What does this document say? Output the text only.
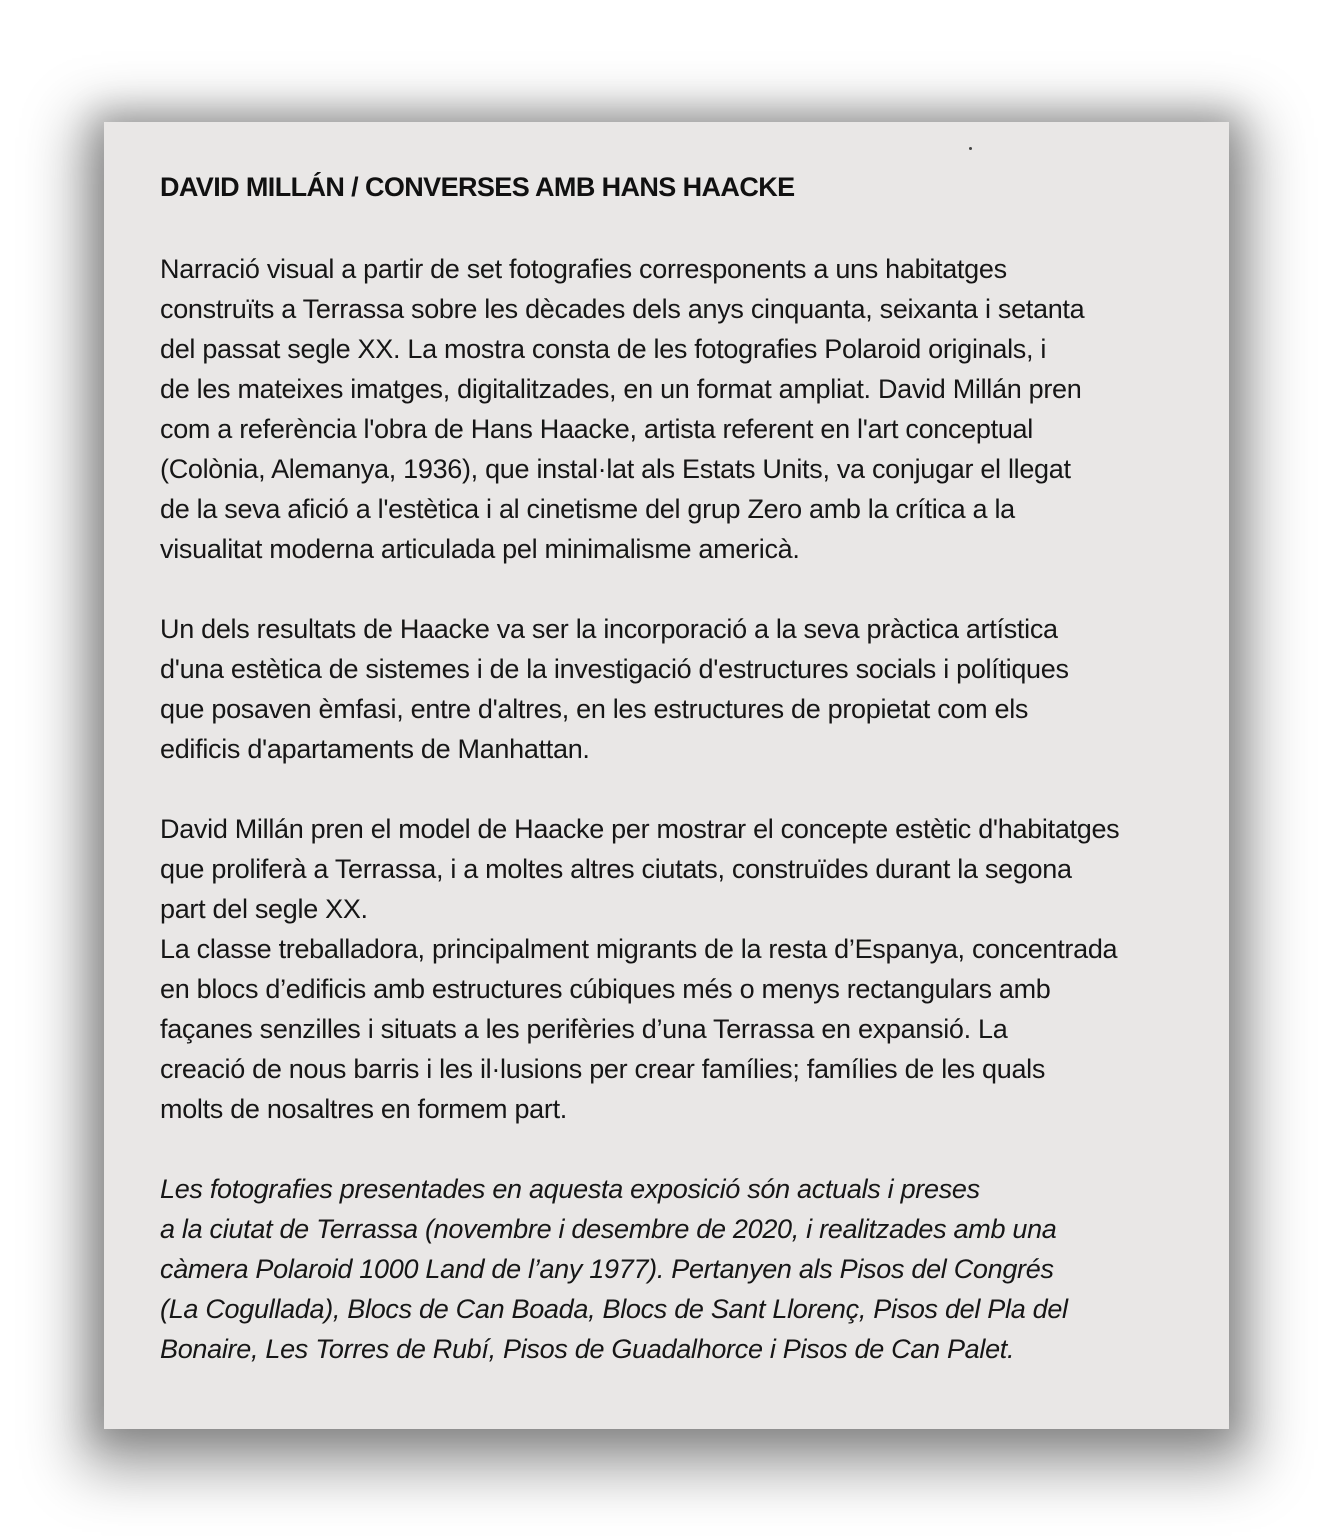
DAVID MILLÁN / CONVERSES AMB HANS HAACKE

Narració visual a partir de set fotografies corresponents a uns habitatges
construïts a Terrassa sobre les dècades dels anys cinquanta, seixanta i setanta
del passat segle XX. La mostra consta de les fotografies Polaroid originals, i
de les mateixes imatges, digitalitzades, en un format ampliat. David Millán pren
com a referència l'obra de Hans Haacke, artista referent en l'art conceptual
(Colònia, Alemanya, 1936), que instal·lat als Estats Units, va conjugar el llegat
de la seva afició a l'estètica i al cinetisme del grup Zero amb la crítica a la
visualitat moderna articulada pel minimalisme americà.

Un dels resultats de Haacke va ser la incorporació a la seva pràctica artística
d'una estètica de sistemes i de la investigació d'estructures socials i polítiques
que posaven èmfasi, entre d'altres, en les estructures de propietat com els
edificis d'apartaments de Manhattan.

David Millán pren el model de Haacke per mostrar el concepte estètic d'habitatges
que proliferà a Terrassa, i a moltes altres ciutats, construïdes durant la segona
part del segle XX.
La classe treballadora, principalment migrants de la resta d’Espanya, concentrada
en blocs d’edificis amb estructures cúbiques més o menys rectangulars amb
façanes senzilles i situats a les perifèries d’una Terrassa en expansió. La
creació de nous barris i les il·lusions per crear famílies; famílies de les quals
molts de nosaltres en formem part.

Les fotografies presentades en aquesta exposició són actuals i preses
a la ciutat de Terrassa (novembre i desembre de 2020, i realitzades amb una
càmera Polaroid 1000 Land de l’any 1977). Pertanyen als Pisos del Congrés
(La Cogullada), Blocs de Can Boada, Blocs de Sant Llorenç, Pisos del Pla del
Bonaire, Les Torres de Rubí, Pisos de Guadalhorce i Pisos de Can Palet.
